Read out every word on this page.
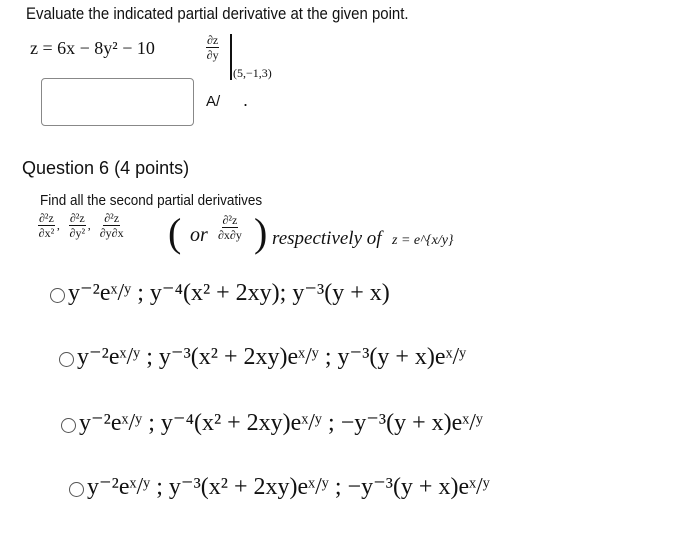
Evaluate the indicated partial derivative at the given point.
z = 6x − 8y² − 10	$\frac{\partial z}{\partial y}$
(5,−1,3)
A/ .
Question 6 (4 points)
Find all the second partial derivatives
$\frac{\text{∂²z}}{\text{∂x²}}$ , $\frac{\text{∂²z}}{\text{∂y²}}$ , $\frac{\text{∂²z}}{\partial y\partial x}$ ( or $\frac{\text{∂²z}}{\partial x\partial y}$ ) respectively of z = e^{x/y}
y⁻²eˣ/ʸ ; y⁻⁴(x² + 2xy); y⁻³(y + x)
y⁻²eˣ/ʸ ; y⁻³(x² + 2xy)eˣ/ʸ ; y⁻³(y + x)eˣ/ʸ
y⁻²eˣ/ʸ ; y⁻⁴(x² + 2xy)eˣ/ʸ ; −y⁻³(y + x)eˣ/ʸ
y⁻²eˣ/ʸ ; y⁻³(x² + 2xy)eˣ/ʸ ; −y⁻³(y + x)eˣ/ʸ
